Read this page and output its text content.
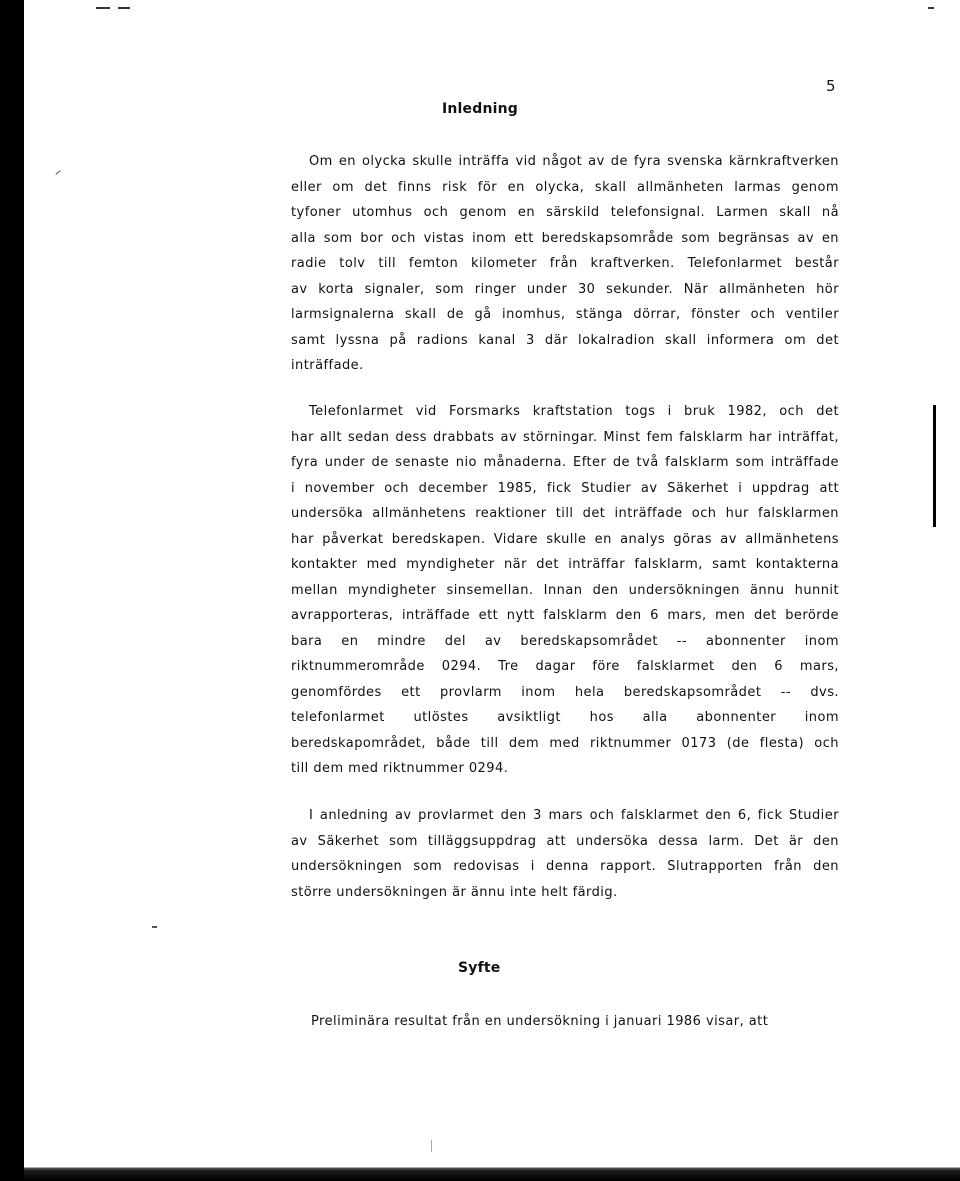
5
Inledning
Om en olycka skulle inträffa vid något av de fyra svenska kärnkraftverken
eller om det finns risk för en olycka, skall allmänheten larmas genom
tyfoner utomhus och genom en särskild telefonsignal. Larmen skall nå
alla som bor och vistas inom ett beredskapsområde som begränsas av en
radie tolv till femton kilometer från kraftverken. Telefonlarmet består
av korta signaler, som ringer under 30 sekunder. När allmänheten hör
larmsignalerna skall de gå inomhus, stänga dörrar, fönster och ventiler
samt lyssna på radions kanal 3 där lokalradion skall informera om det
inträffade.
Telefonlarmet vid Forsmarks kraftstation togs i bruk 1982, och det
har allt sedan dess drabbats av störningar. Minst fem falsklarm har inträffat,
fyra under de senaste nio månaderna. Efter de två falsklarm som inträffade
i november och december 1985, fick Studier av Säkerhet i uppdrag att
undersöka allmänhetens reaktioner till det inträffade och hur falsklarmen
har påverkat beredskapen. Vidare skulle en analys göras av allmänhetens
kontakter med myndigheter när det inträffar falsklarm, samt kontakterna
mellan myndigheter sinsemellan. Innan den undersökningen ännu hunnit
avrapporteras, inträffade ett nytt falsklarm den 6 mars, men det berörde
bara en mindre del av beredskapsområdet -- abonnenter inom
riktnummerområde 0294. Tre dagar före falsklarmet den 6 mars,
genomfördes ett provlarm inom hela beredskapsområdet -- dvs.
telefonlarmet utlöstes avsiktligt hos alla abonnenter inom
beredskapområdet, både till dem med riktnummer 0173 (de flesta) och
till dem med riktnummer 0294.
I anledning av provlarmet den 3 mars och falsklarmet den 6, fick Studier
av Säkerhet som tilläggsuppdrag att undersöka dessa larm. Det är den
undersökningen som redovisas i denna rapport. Slutrapporten från den
större undersökningen är ännu inte helt färdig.
Syfte
Preliminära resultat från en undersökning i januari 1986 visar, att
